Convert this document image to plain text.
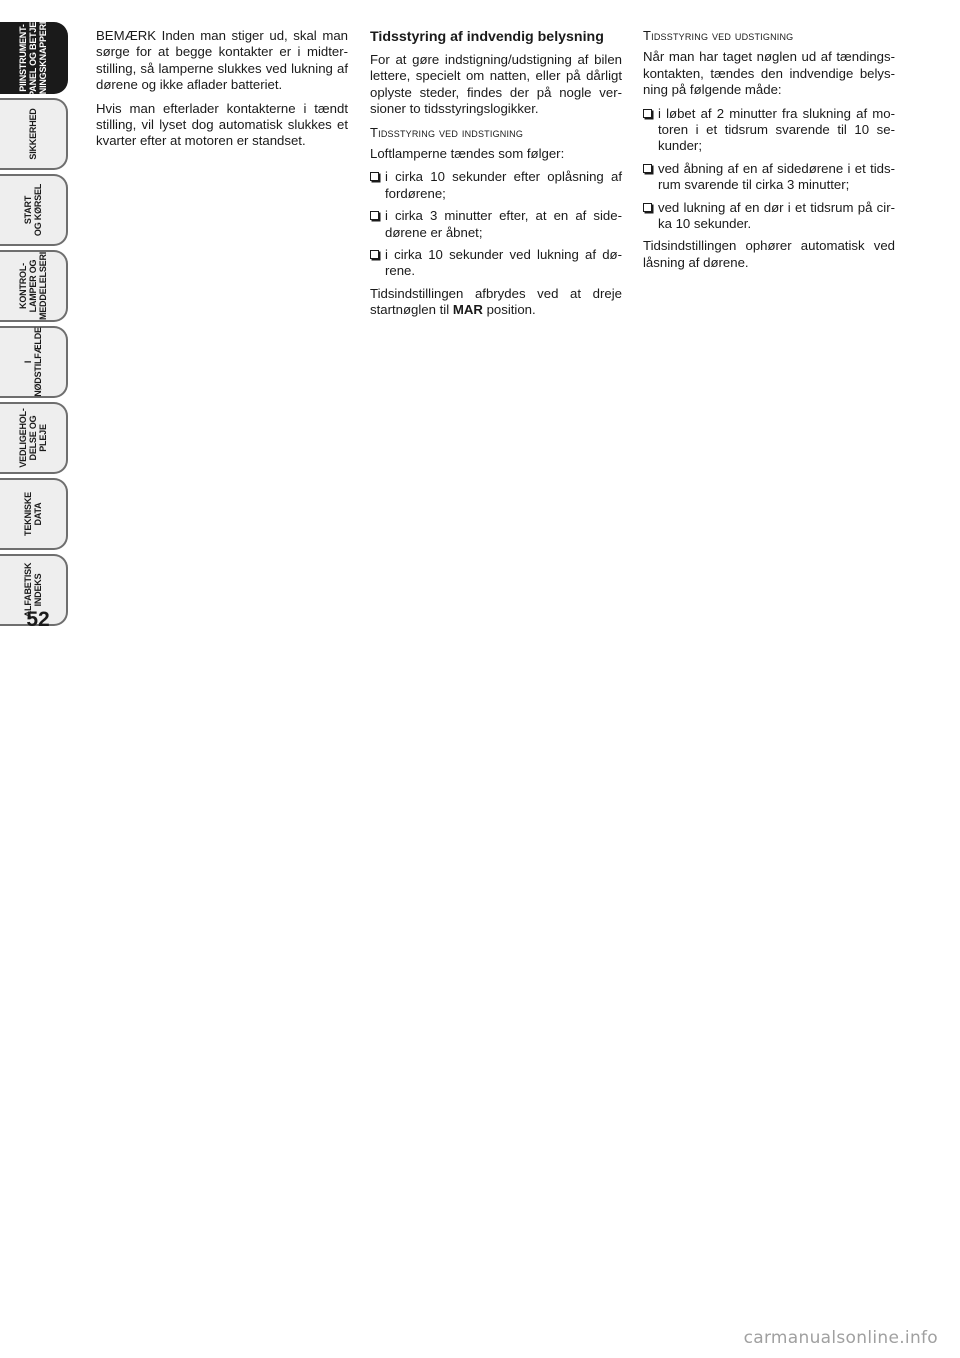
PIINSTRUMENT-
PANEL OG BETJE-
NINGSKNAPPERI
SIKKERHED
START
OG KØRSEL
KONTROL-
LAMPER OG
MEDDELELSERI
I
NØDSTILFÆLDE
VEDLIGEHOL-
DELSE OG
PLEJE
TEKNISKE
DATA
ALFABETISK
INDEKS
52

BEMÆRK Inden man stiger ud, skal man sørge for at begge kontakter er i midter-stilling, så lamperne slukkes ved lukning af dørene og ikke aflader batteriet.

Hvis man efterlader kontakterne i tændt stilling, vil lyset dog automatisk slukkes et kvarter efter at motoren er standset.

Tidsstyring af indvendig belysning

For at gøre indstigning/udstigning af bilen lettere, specielt om natten, eller på dårligt oplyste steder, findes der på nogle ver-sioner to tidsstyringslogikker.

Tidsstyring ved indstigning

Loftlamperne tændes som følger:

i cirka 10 sekunder efter oplåsning af fordørene;
i cirka 3 minutter efter, at en af side-dørene er åbnet;
i cirka 10 sekunder ved lukning af dø-rene.

Tidsindstillingen afbrydes ved at dreje startnøglen til MAR position.

Tidsstyring ved udstigning

Når man har taget nøglen ud af tændings-kontakten, tændes den indvendige belys-ning på følgende måde:

i løbet af 2 minutter fra slukning af mo-toren i et tidsrum svarende til 10 se-kunder;
ved åbning af en af sidedørene i et tids-rum svarende til cirka 3 minutter;
ved lukning af en dør i et tidsrum på cir-ka 10 sekunder.

Tidsindstillingen ophører automatisk ved låsning af dørene.

carmanualsonline.info
